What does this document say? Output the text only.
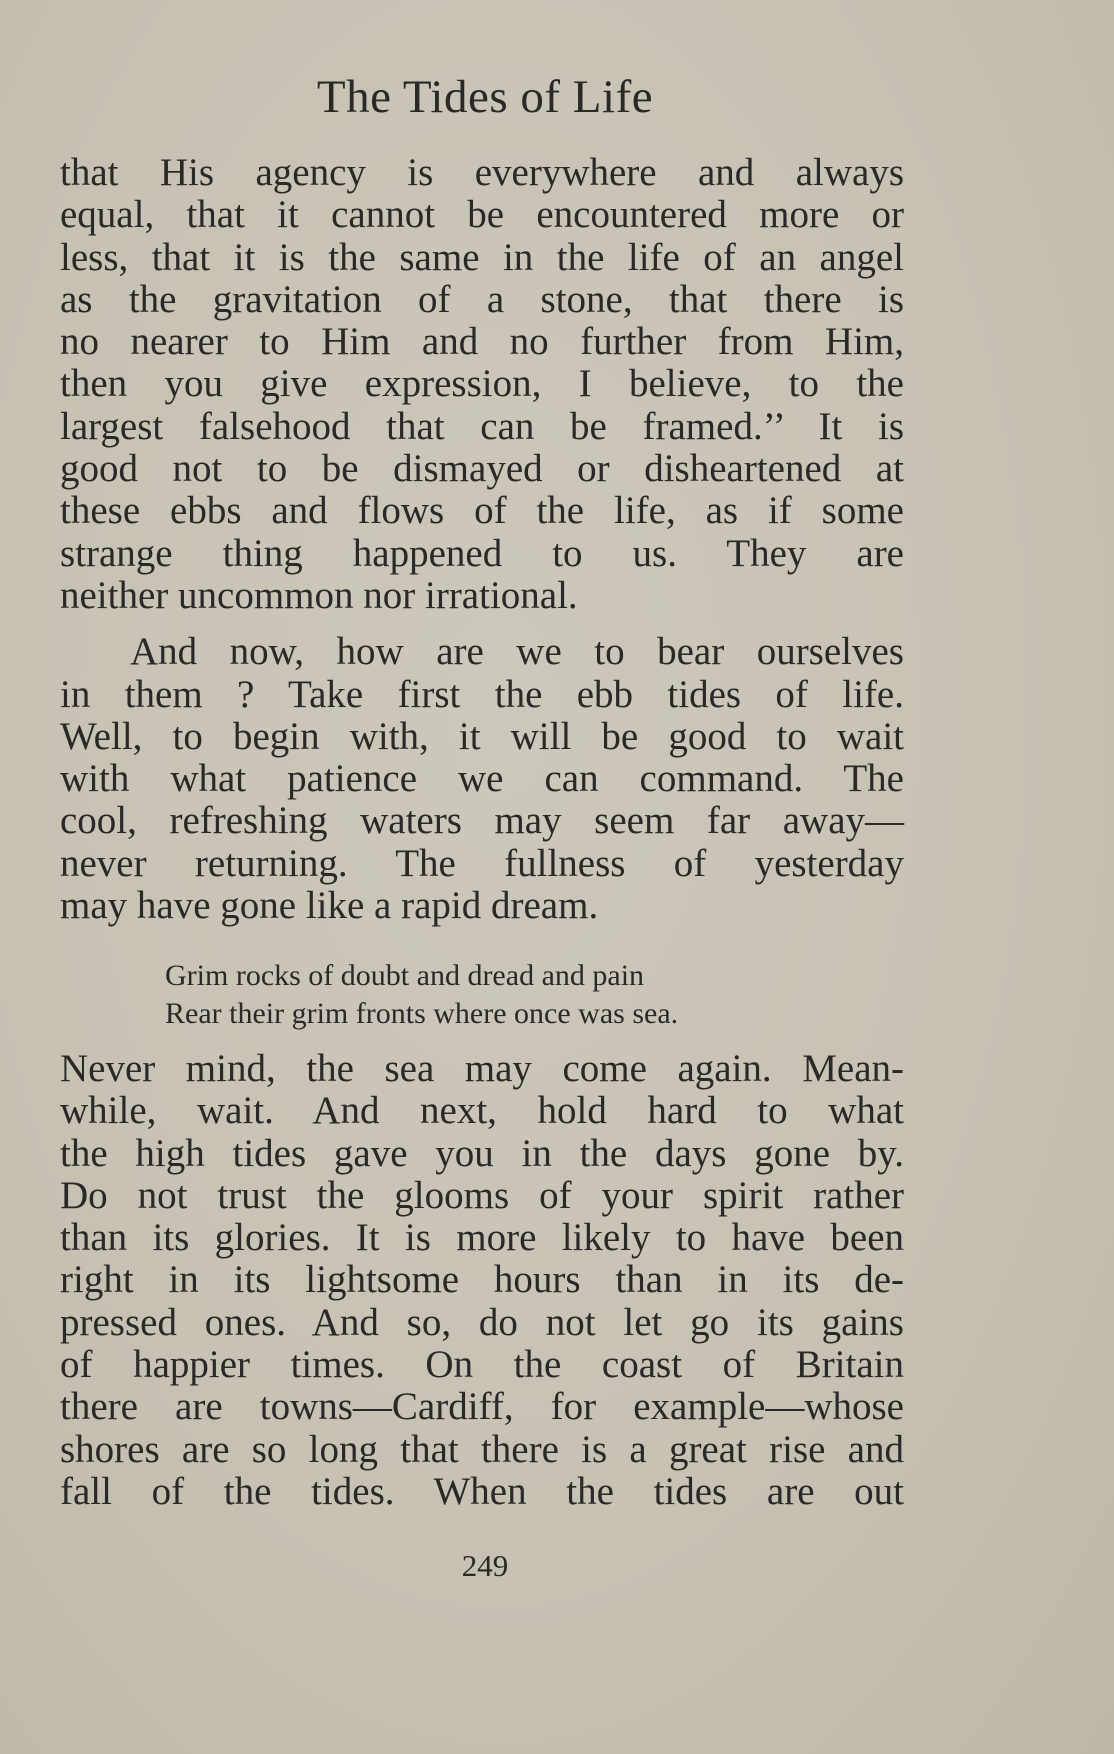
The Tides of Life
that His agency is everywhere and always
equal, that it cannot be encountered more or
less, that it is the same in the life of an angel
as the gravitation of a stone, that there is
no nearer to Him and no further from Him,
then you give expression, I believe, to the
largest falsehood that can be framed.’’ It is
good not to be dismayed or disheartened at
these ebbs and flows of the life, as if some
strange thing happened to us. They are
neither uncommon nor irrational.
And now, how are we to bear ourselves
in them ? Take first the ebb tides of life.
Well, to begin with, it will be good to wait
with what patience we can command. The
cool, refreshing waters may seem far away—
never returning. The fullness of yesterday
may have gone like a rapid dream.
Grim rocks of doubt and dread and pain
Rear their grim fronts where once was sea.
Never mind, the sea may come again. Mean-
while, wait. And next, hold hard to what
the high tides gave you in the days gone by.
Do not trust the glooms of your spirit rather
than its glories. It is more likely to have been
right in its lightsome hours than in its de-
pressed ones. And so, do not let go its gains
of happier times. On the coast of Britain
there are towns—Cardiff, for example—whose
shores are so long that there is a great rise and
fall of the tides. When the tides are out
249
